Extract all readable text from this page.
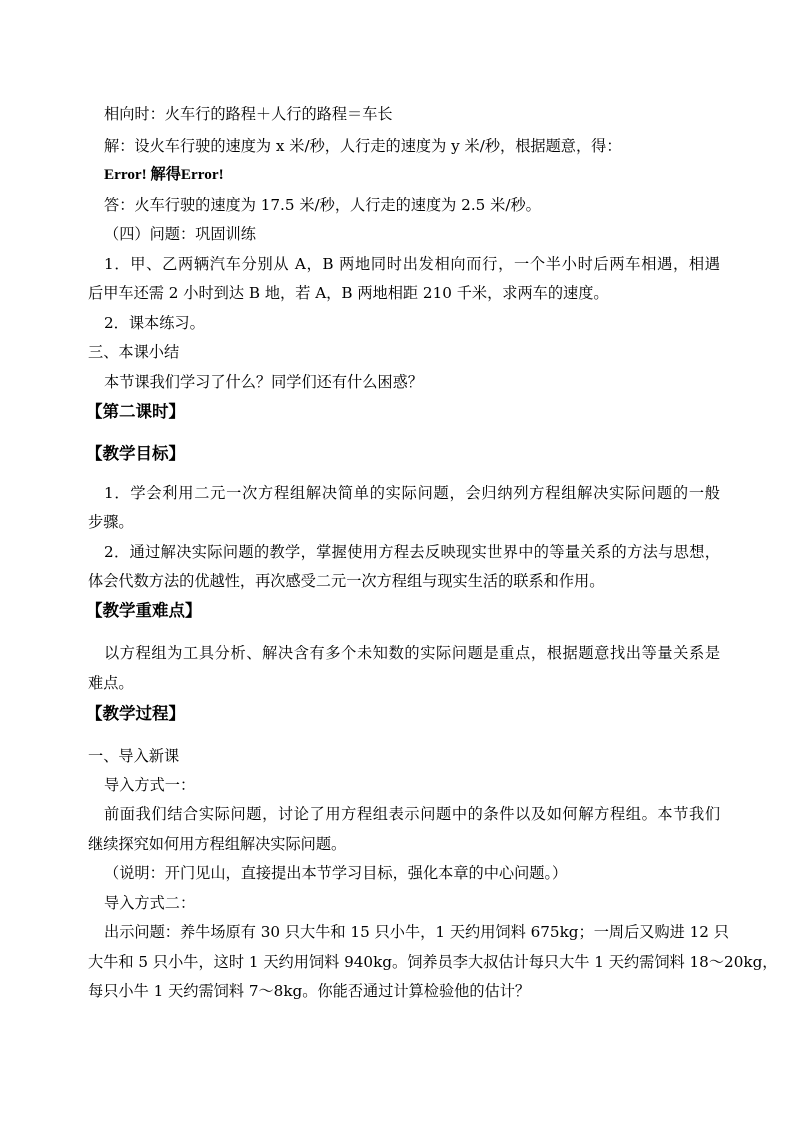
相向时：火车行的路程＋人行的路程＝车长
解：设火车行驶的速度为 x 米/秒，人行走的速度为 y 米/秒，根据题意，得：
Error! 解得Error!
答：火车行驶的速度为 17.5 米/秒，人行走的速度为 2.5 米/秒。
（四）问题：巩固训练
1．甲、乙两辆汽车分别从 A，B 两地同时出发相向而行，一个半小时后两车相遇，相遇
后甲车还需 2 小时到达 B 地，若 A，B 两地相距 210 千米，求两车的速度。
2．课本练习。
三、本课小结
本节课我们学习了什么？同学们还有什么困惑？
【第二课时】
【教学目标】
1．学会利用二元一次方程组解决简单的实际问题，会归纳列方程组解决实际问题的一般
步骤。
2．通过解决实际问题的教学，掌握使用方程去反映现实世界中的等量关系的方法与思想，
体会代数方法的优越性，再次感受二元一次方程组与现实生活的联系和作用。
【教学重难点】
以方程组为工具分析、解决含有多个未知数的实际问题是重点，根据题意找出等量关系是
难点。
【教学过程】
一、导入新课
导入方式一：
前面我们结合实际问题，讨论了用方程组表示问题中的条件以及如何解方程组。本节我们
继续探究如何用方程组解决实际问题。
（说明：开门见山，直接提出本节学习目标，强化本章的中心问题。）
导入方式二：
出示问题：养牛场原有 30 只大牛和 15 只小牛，1 天约用饲料 675kg；一周后又购进 12 只
大牛和 5 只小牛，这时 1 天约用饲料 940kg。饲养员李大叔估计每只大牛 1 天约需饲料 18～20kg，
每只小牛 1 天约需饲料 7～8kg。你能否通过计算检验他的估计？
